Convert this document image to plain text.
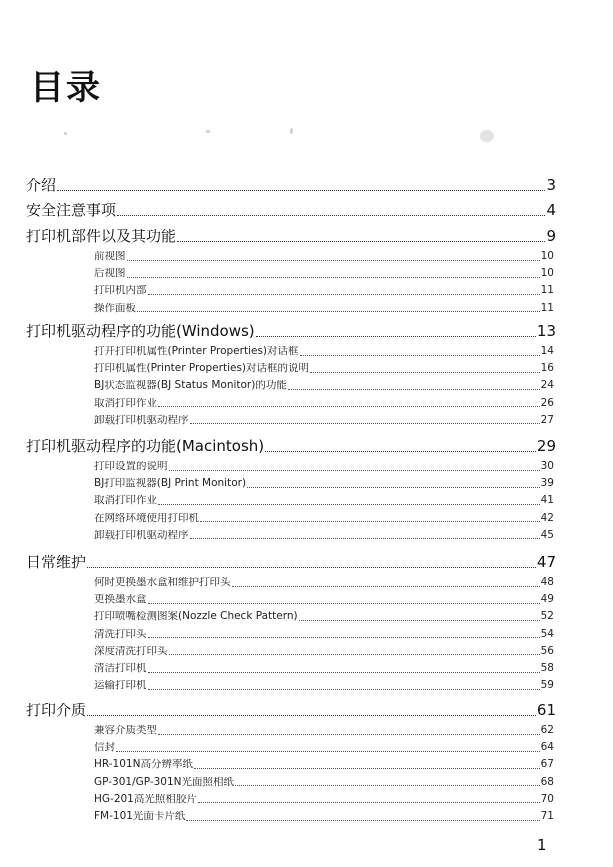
目录
介绍	3
安全注意事项	4
打印机部件以及其功能	9
前视图	10
后视图	10
打印机内部	11
操作面板	11
打印机驱动程序的功能(Windows)	13
打开打印机属性(Printer Properties)对话框	14
打印机属性(Printer Properties)对话框的说明	16
BJ状态监视器(BJ Status Monitor)的功能	24
取消打印作业	26
卸载打印机驱动程序	27
打印机驱动程序的功能(Macintosh)	29
打印设置的说明	30
BJ打印监视器(BJ Print Monitor)	39
取消打印作业	41
在网络环境使用打印机	42
卸载打印机驱动程序	45
日常维护	47
何时更换墨水盒和维护打印头	48
更换墨水盒	49
打印喷嘴检测图案(Nozzle Check Pattern)	52
清洗打印头	54
深度清洗打印头	56
清洁打印机	58
运输打印机	59
打印介质	61
兼容介质类型	62
信封	64
HR-101N高分辨率纸	67
GP-301/GP-301N光面照相纸	68
HG-201高光照相胶片	70
FM-101光面卡片纸	71
1
